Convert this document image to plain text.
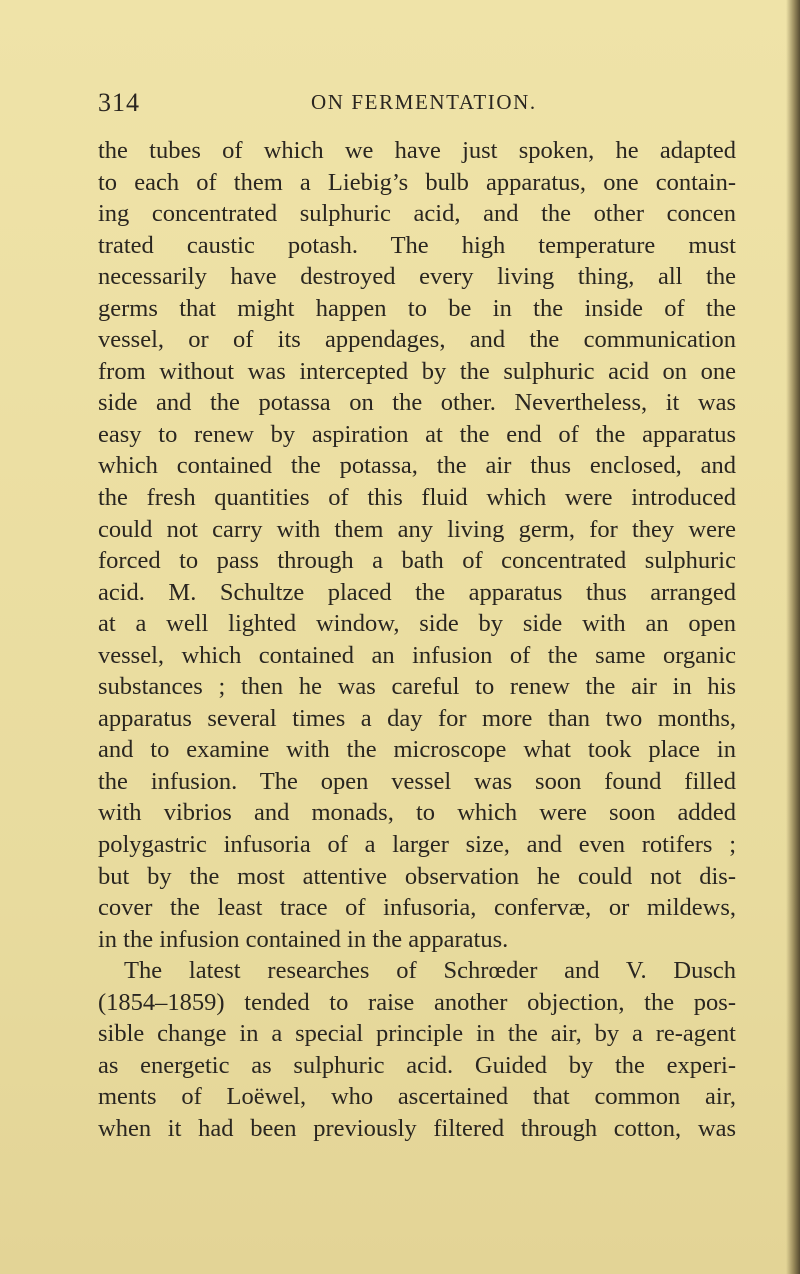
314	ON FERMENTATION.
the tubes of which we have just spoken, he adapted
to each of them a Liebig’s bulb apparatus, one contain-
ing concentrated sulphuric acid, and the other concen
trated caustic potash. The high temperature must
necessarily have destroyed every living thing, all the
germs that might happen to be in the inside of the
vessel, or of its appendages, and the communication
from without was intercepted by the sulphuric acid on one
side and the potassa on the other. Nevertheless, it was
easy to renew by aspiration at the end of the apparatus
which contained the potassa, the air thus enclosed, and
the fresh quantities of this fluid which were introduced
could not carry with them any living germ, for they were
forced to pass through a bath of concentrated sulphuric
acid. M. Schultze placed the apparatus thus arranged
at a well lighted window, side by side with an open
vessel, which contained an infusion of the same organic
substances ; then he was careful to renew the air in his
apparatus several times a day for more than two months,
and to examine with the microscope what took place in
the infusion. The open vessel was soon found filled
with vibrios and monads, to which were soon added
polygastric infusoria of a larger size, and even rotifers ;
but by the most attentive observation he could not dis-
cover the least trace of infusoria, confervæ, or mildews,
in the infusion contained in the apparatus.
The latest researches of Schrœder and V. Dusch
(1854–1859) tended to raise another objection, the pos-
sible change in a special principle in the air, by a re-agent
as energetic as sulphuric acid. Guided by the experi-
ments of Loëwel, who ascertained that common air,
when it had been previously filtered through cotton, was
